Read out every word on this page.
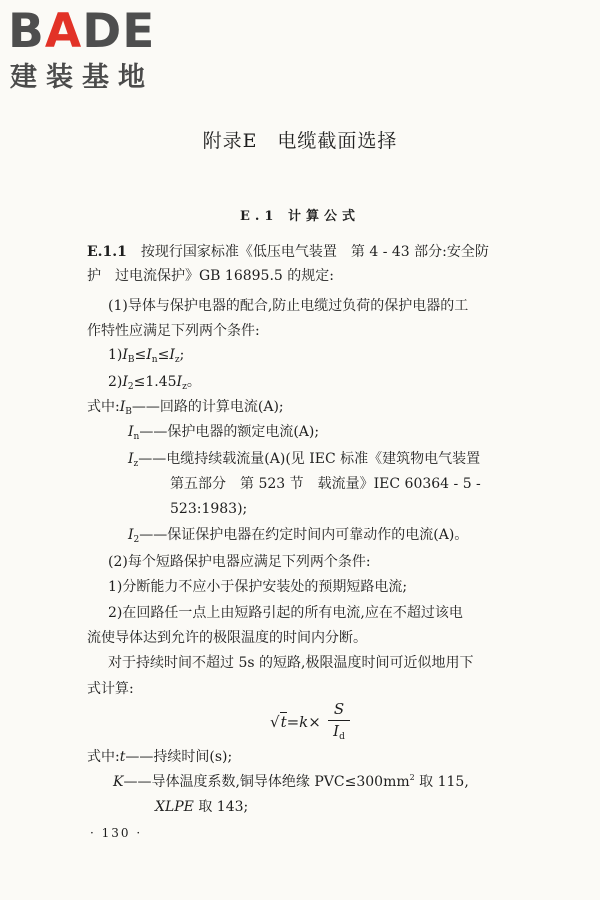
BADE
建装基地
附录E　电缆截面选择
E.1 计算公式
E.1.1　 按现行国家标准《低压电气装置　第 4 - 43 部分:安全防
护　过电流保护》GB 16895.5 的规定:
(1)导体与保护电器的配合,防止电缆过负荷的保护电器的工
作特性应满足下列两个条件:
$1)I_B\le I_n\le I_z$;
$2)I_2\le 1.45I_z$。
式中$:I_B——$回路的计算电流(A);
$I_n——$保护电器的额定电流(A);
$I_z——$电缆持续载流量(A)(见 IEC 标准《建筑物电气装置
第五部分　第 523 节　载流量》IEC 60364 - 5 -
523:1983);
$I_2——$保证保护电器在约定时间内可靠动作的电流(A)。
(2)每个短路保护电器应满足下列两个条件:
1)分断能力不应小于保护安装处的预期短路电流;
2)在回路任一点上由短路引起的所有电流,应在不超过该电
流使导体达到允许的极限温度的时间内分断。
对于持续时间不超过 5s 的短路,极限温度时间可近似地用下
式计算:
√t=k×
S
$I_d$
式中:t——持续时间(s);
K——导体温度系数,铜导体绝缘 $PVC\le 300mm^2$ 取 115,
XLPE 取 143;
· 130 ·
